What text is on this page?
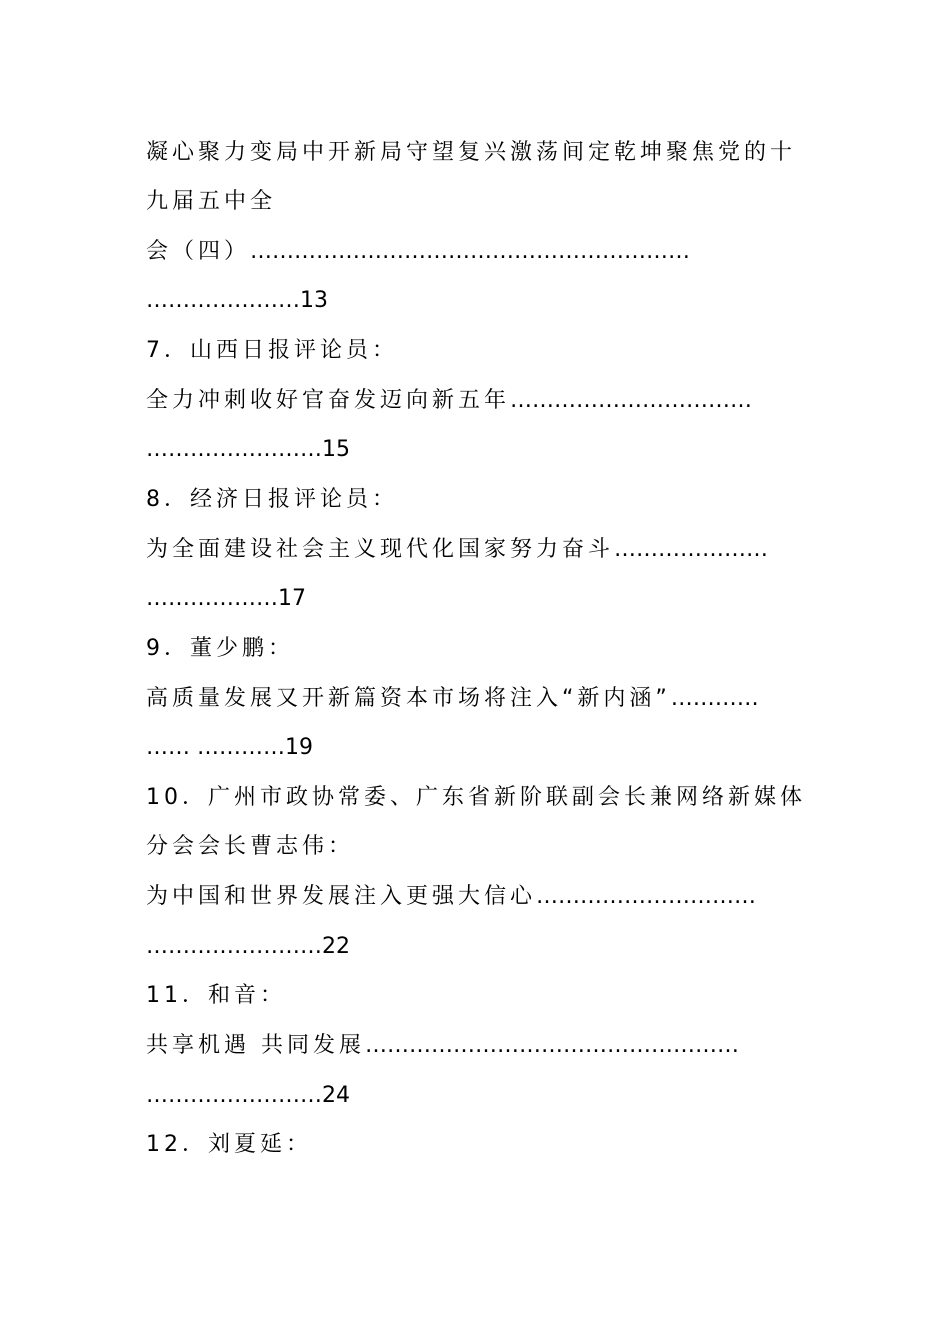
凝心聚力变局中开新局守望复兴激荡间定乾坤聚焦党的十
九届五中全
会（四）……………………………………………………
…………………13
7．山西日报评论员：
全力冲刺收好官奋发迈向新五年……………………………
……………………15
8．经济日报评论员：
为全面建设社会主义现代化国家努力奋斗…………………
………………17
9．董少鹏：
高质量发展又开新篇资本市场将注入“新内涵”…………
…… …………19
10．广州市政协常委、广东省新阶联副会长兼网络新媒体
分会会长曹志伟：
为中国和世界发展注入更强大信心…………………………
……………………22
11．和音：
共享机遇 共同发展……………………………………………
……………………24
12．刘夏延：
